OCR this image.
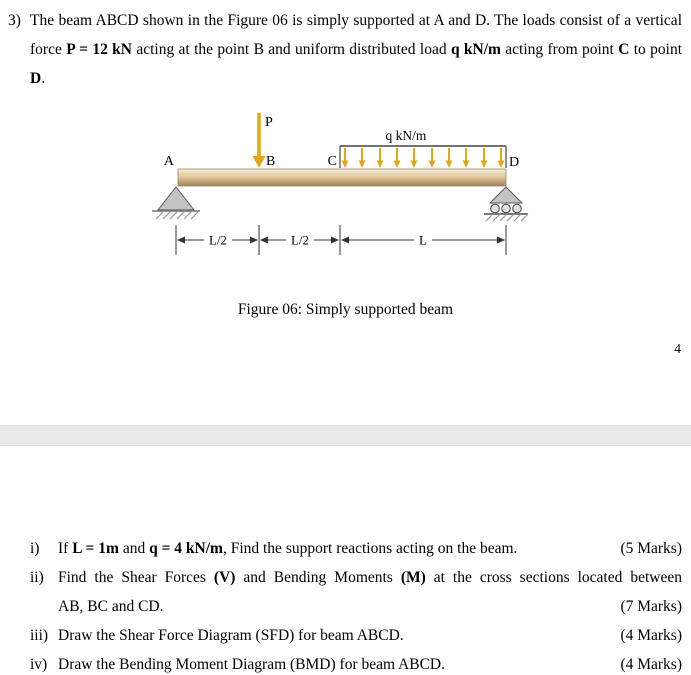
3) The beam ABCD shown in the Figure 06 is simply supported at A and D. The loads consist of a vertical force P = 12 kN acting at the point B and uniform distributed load q kN/m acting from point C to point D.

P
q kN/m
A	B	C	D
L/2	L/2	L
Figure 06: Simply supported beam
4
i)	(5 Marks)

If L = 1m and q = 4 kN/m, Find the support reactions acting on the beam.

ii)
(7 Marks)

Find the Shear Forces (V) and Bending Moments (M) at the cross sections located between

AB, BC and CD.

iii)	(4 Marks)

Draw the Shear Force Diagram (SFD) for beam ABCD.

iv)	(4 Marks)

Draw the Bending Moment Diagram (BMD) for beam ABCD.
